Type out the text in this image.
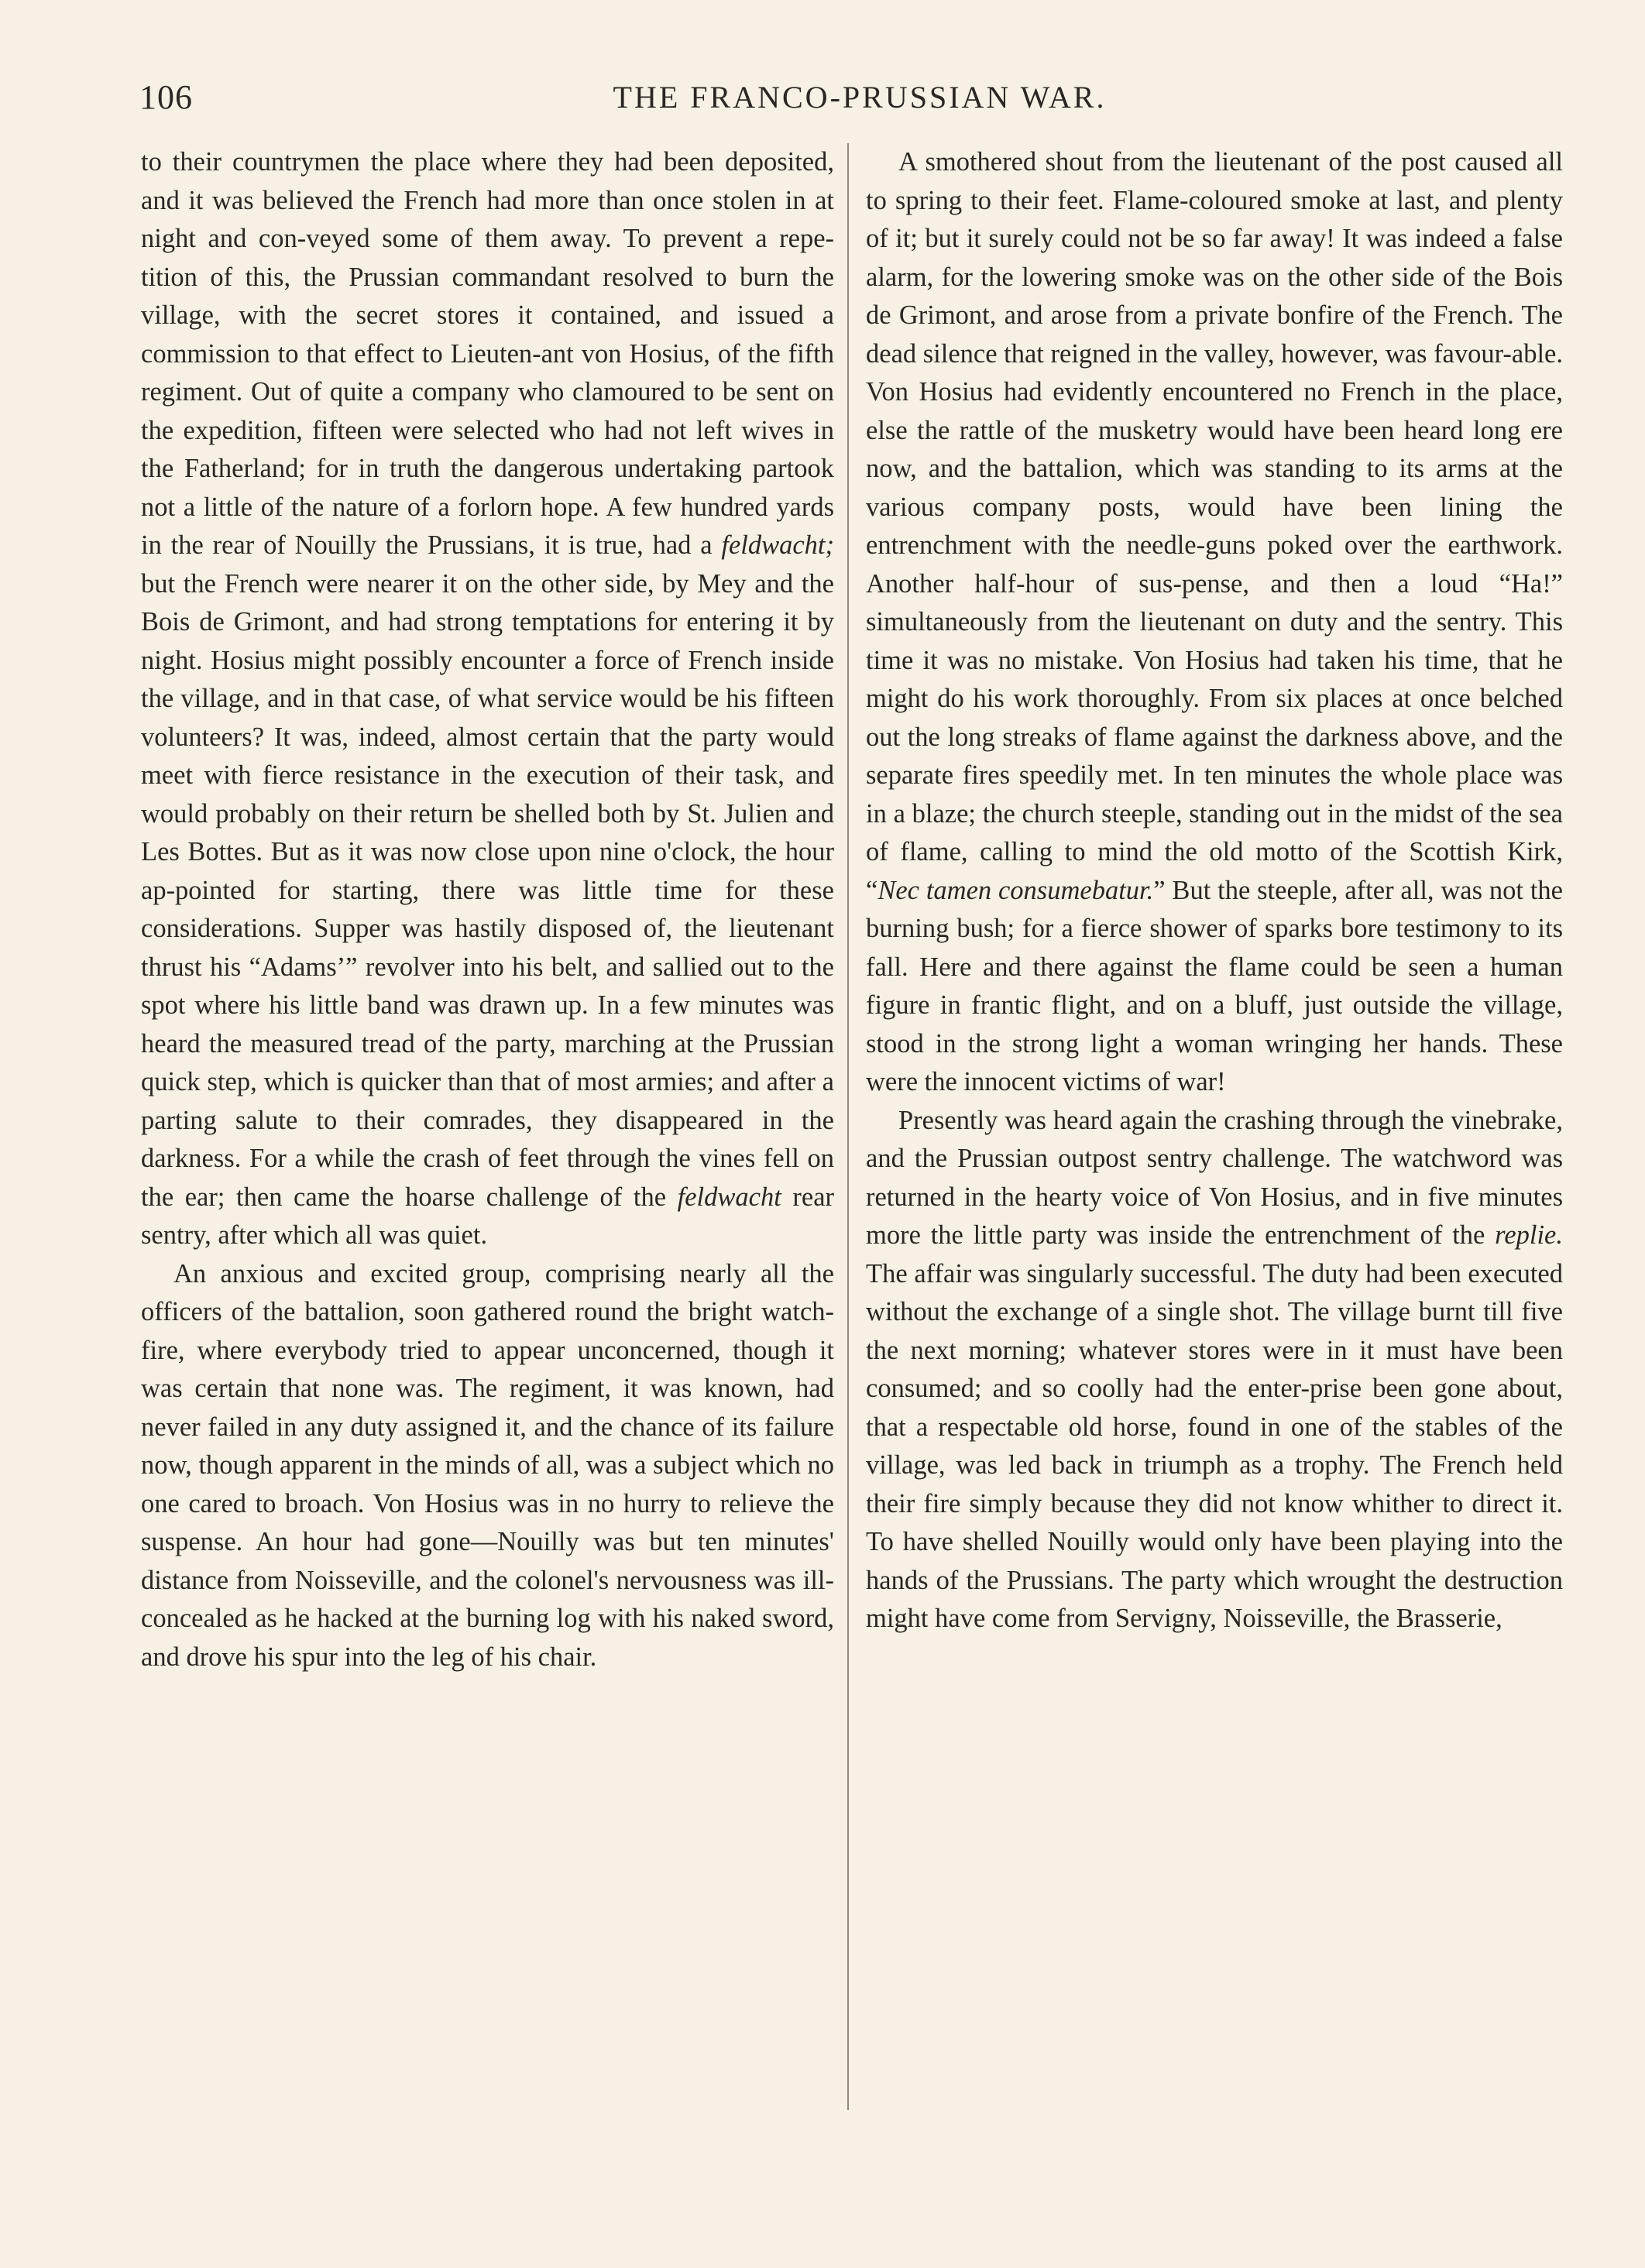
106	THE FRANCO-PRUSSIAN WAR.

to their countrymen the place where they had been deposited, and it was believed the French had more than once stolen in at night and con-veyed some of them away. To prevent a repe-tition of this, the Prussian commandant resolved to burn the village, with the secret stores it contained, and issued a commission to that effect to Lieuten-ant von Hosius, of the fifth regiment. Out of quite a company who clamoured to be sent on the expedition, fifteen were selected who had not left wives in the Fatherland; for in truth the dangerous undertaking partook not a little of the nature of a forlorn hope. A few hundred yards in the rear of Nouilly the Prussians, it is true, had a feldwacht; but the French were nearer it on the other side, by Mey and the Bois de Grimont, and had strong temptations for entering it by night. Hosius might possibly encounter a force of French inside the village, and in that case, of what service would be his fifteen volunteers? It was, indeed, almost certain that the party would meet with fierce resistance in the execution of their task, and would probably on their return be shelled both by St. Julien and Les Bottes. But as it was now close upon nine o'clock, the hour ap-pointed for starting, there was little time for these considerations. Supper was hastily disposed of, the lieutenant thrust his “Adams’” revolver into his belt, and sallied out to the spot where his little band was drawn up. In a few minutes was heard the measured tread of the party, marching at the Prussian quick step, which is quicker than that of most armies; and after a parting salute to their comrades, they disappeared in the darkness. For a while the crash of feet through the vines fell on the ear; then came the hoarse challenge of the feldwacht rear sentry, after which all was quiet.

An anxious and excited group, comprising nearly all the officers of the battalion, soon gathered round the bright watch-fire, where everybody tried to appear unconcerned, though it was certain that none was. The regiment, it was known, had never failed in any duty assigned it, and the chance of its failure now, though apparent in the minds of all, was a subject which no one cared to broach. Von Hosius was in no hurry to relieve the suspense. An hour had gone—Nouilly was but ten minutes' distance from Noisseville, and the colonel's nervousness was ill-concealed as he hacked at the burning log with his naked sword, and drove his spur into the leg of his chair.

A smothered shout from the lieutenant of the post caused all to spring to their feet. Flame-coloured smoke at last, and plenty of it; but it surely could not be so far away! It was indeed a false alarm, for the lowering smoke was on the other side of the Bois de Grimont, and arose from a private bonfire of the French. The dead silence that reigned in the valley, however, was favour-able. Von Hosius had evidently encountered no French in the place, else the rattle of the musketry would have been heard long ere now, and the battalion, which was standing to its arms at the various company posts, would have been lining the entrenchment with the needle-guns poked over the earthwork. Another half-hour of sus-pense, and then a loud “Ha!” simultaneously from the lieutenant on duty and the sentry. This time it was no mistake. Von Hosius had taken his time, that he might do his work thoroughly. From six places at once belched out the long streaks of flame against the darkness above, and the separate fires speedily met. In ten minutes the whole place was in a blaze; the church steeple, standing out in the midst of the sea of flame, calling to mind the old motto of the Scottish Kirk, “Nec tamen consumebatur.” But the steeple, after all, was not the burning bush; for a fierce shower of sparks bore testimony to its fall. Here and there against the flame could be seen a human figure in frantic flight, and on a bluff, just outside the village, stood in the strong light a woman wringing her hands. These were the innocent victims of war!

Presently was heard again the crashing through the vinebrake, and the Prussian outpost sentry challenge. The watchword was returned in the hearty voice of Von Hosius, and in five minutes more the little party was inside the entrenchment of the replie. The affair was singularly successful. The duty had been executed without the exchange of a single shot. The village burnt till five the next morning; whatever stores were in it must have been consumed; and so coolly had the enter-prise been gone about, that a respectable old horse, found in one of the stables of the village, was led back in triumph as a trophy. The French held their fire simply because they did not know whither to direct it. To have shelled Nouilly would only have been playing into the hands of the Prussians. The party which wrought the destruction might have come from Servigny, Noisseville, the Brasserie,
